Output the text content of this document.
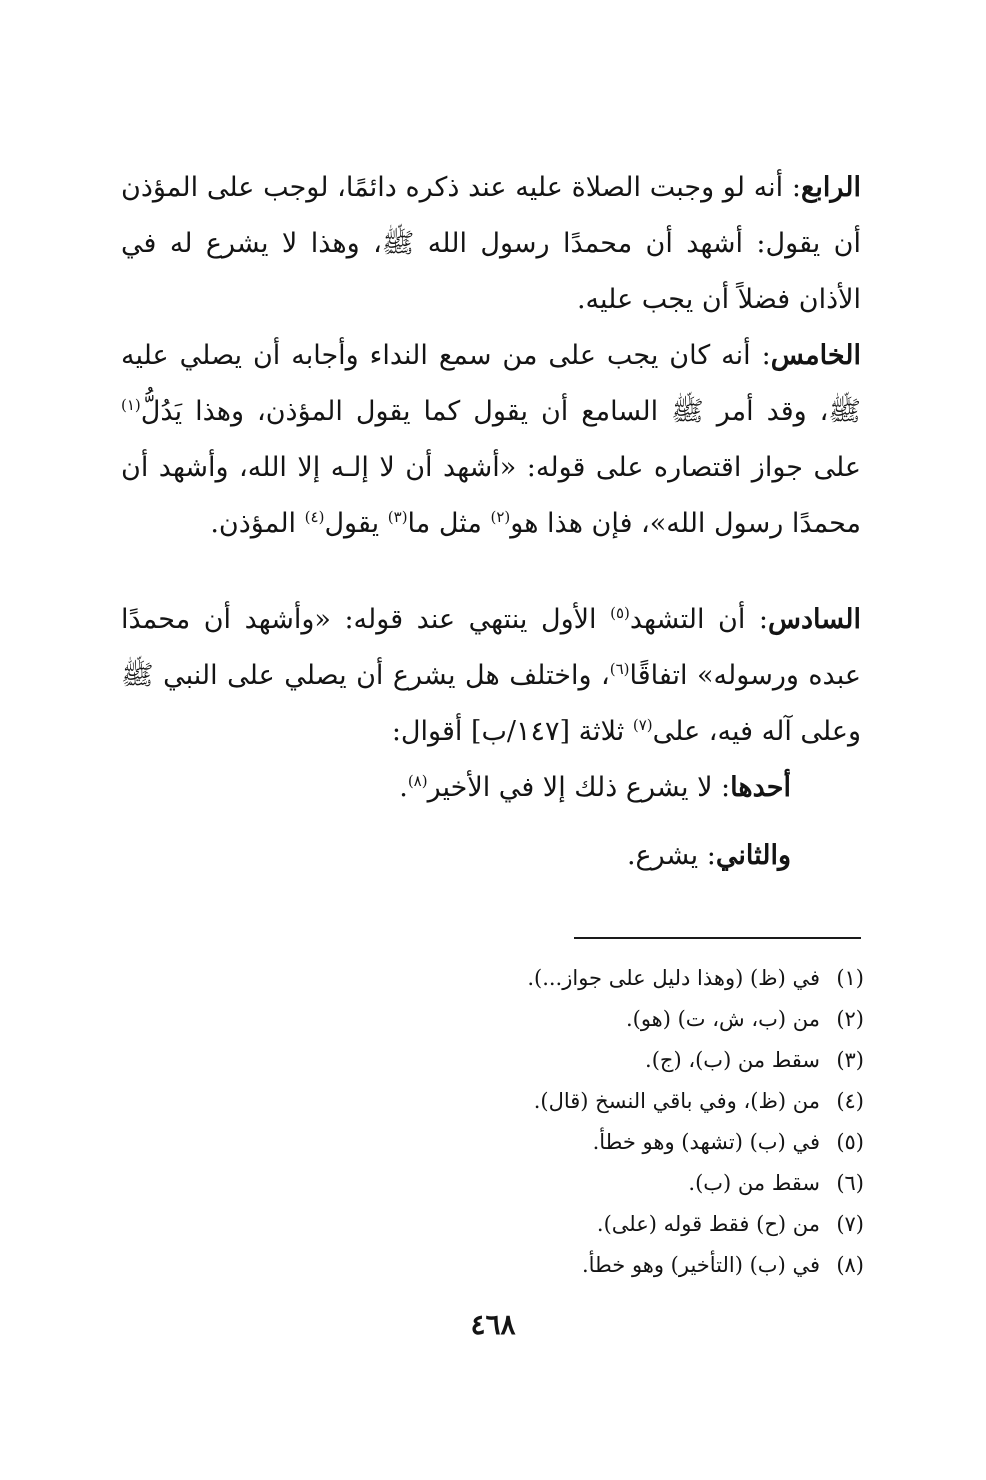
الرابع: أنه لو وجبت الصلاة عليه عند ذكره دائمًا، لوجب على المؤذن أن يقول: أشهد أن محمدًا رسول الله ﷺ، وهذا لا يشرع له في الأذان فضلاً أن يجب عليه.

الخامس: أنه كان يجب على من سمع النداء وأجابه أن يصلي عليه ﷺ، وقد أمر ﷺ السامع أن يقول كما يقول المؤذن، وهذا يَدُلُّ$^{(١)}$ على جواز اقتصاره على قوله: «أشهد أن لا إلـه إلا الله، وأشهد أن محمدًا رسول الله»، فإن هذا هو$^{(٢)}$ مثل ما$^{(٣)}$ يقول$^{(٤)}$ المؤذن.

السادس: أن التشهد$^{(٥)}$ الأول ينتهي عند قوله: «وأشهد أن محمدًا عبده ورسوله» اتفاقًا$^{(٦)}$، واختلف هل يشرع أن يصلي على النبي ﷺ وعلى آله فيه، على$^{(٧)}$ ثلاثة [١٤٧/ب] أقوال:

أحدها: لا يشرع ذلك إلا في الأخير$^{(٨)}$.

والثاني: يشرع.

(١)في (ظ) (وهذا دليل على جواز...).
(٢)من (ب، ش، ت) (هو).
(٣)سقط من (ب)، (ج).
(٤)من (ظ)، وفي باقي النسخ (قال).
(٥)في (ب) (تشهد) وهو خطأ.
(٦)سقط من (ب).
(٧)من (ح) فقط قوله (على).
(٨)في (ب) (التأخير) وهو خطأ.
٤٦٨
